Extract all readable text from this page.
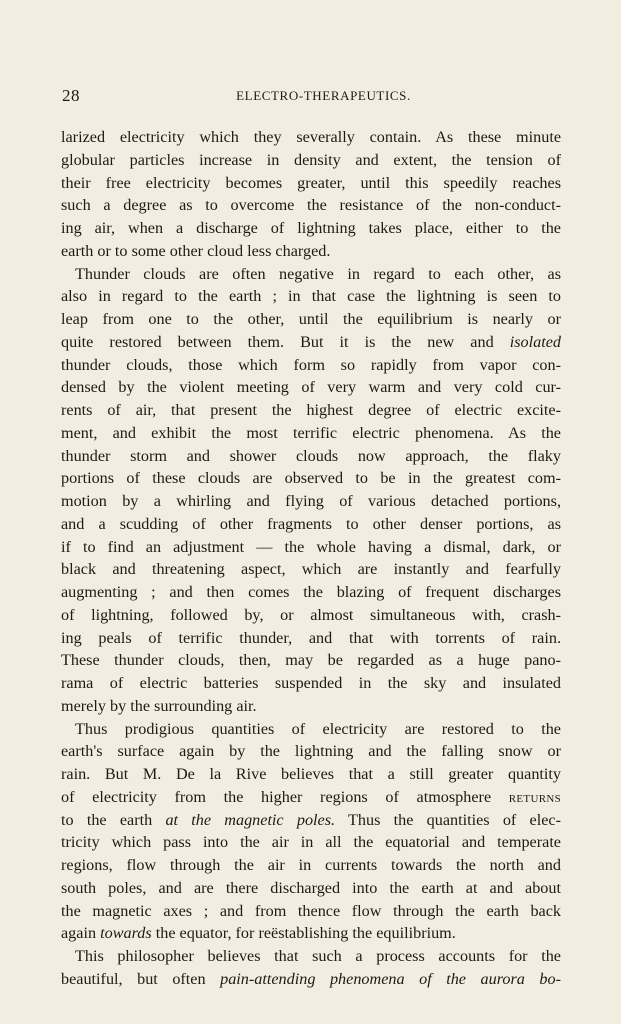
28	ELECTRO-THERAPEUTICS.
larized electricity which they severally contain. As these minute
globular particles increase in density and extent, the tension of
their free electricity becomes greater, until this speedily reaches
such a degree as to overcome the resistance of the non-conduct-
ing air, when a discharge of lightning takes place, either to the
earth or to some other cloud less charged.
Thunder clouds are often negative in regard to each other, as
also in regard to the earth ; in that case the lightning is seen to
leap from one to the other, until the equilibrium is nearly or
quite restored between them. But it is the new and isolated
thunder clouds, those which form so rapidly from vapor con-
densed by the violent meeting of very warm and very cold cur-
rents of air, that present the highest degree of electric excite-
ment, and exhibit the most terrific electric phenomena. As the
thunder storm and shower clouds now approach, the flaky
portions of these clouds are observed to be in the greatest com-
motion by a whirling and flying of various detached portions,
and a scudding of other fragments to other denser portions, as
if to find an adjustment — the whole having a dismal, dark, or
black and threatening aspect, which are instantly and fearfully
augmenting ; and then comes the blazing of frequent discharges
of lightning, followed by, or almost simultaneous with, crash-
ing peals of terrific thunder, and that with torrents of rain.
These thunder clouds, then, may be regarded as a huge pano-
rama of electric batteries suspended in the sky and insulated
merely by the surrounding air.
Thus prodigious quantities of electricity are restored to the
earth's surface again by the lightning and the falling snow or
rain. But M. De la Rive believes that a still greater quantity
of electricity from the higher regions of atmosphere returns
to the earth at the magnetic poles. Thus the quantities of elec-
tricity which pass into the air in all the equatorial and temperate
regions, flow through the air in currents towards the north and
south poles, and are there discharged into the earth at and about
the magnetic axes ; and from thence flow through the earth back
again towards the equator, for reëstablishing the equilibrium.
This philosopher believes that such a process accounts for the
beautiful, but often pain-attending phenomena of the aurora bo-
